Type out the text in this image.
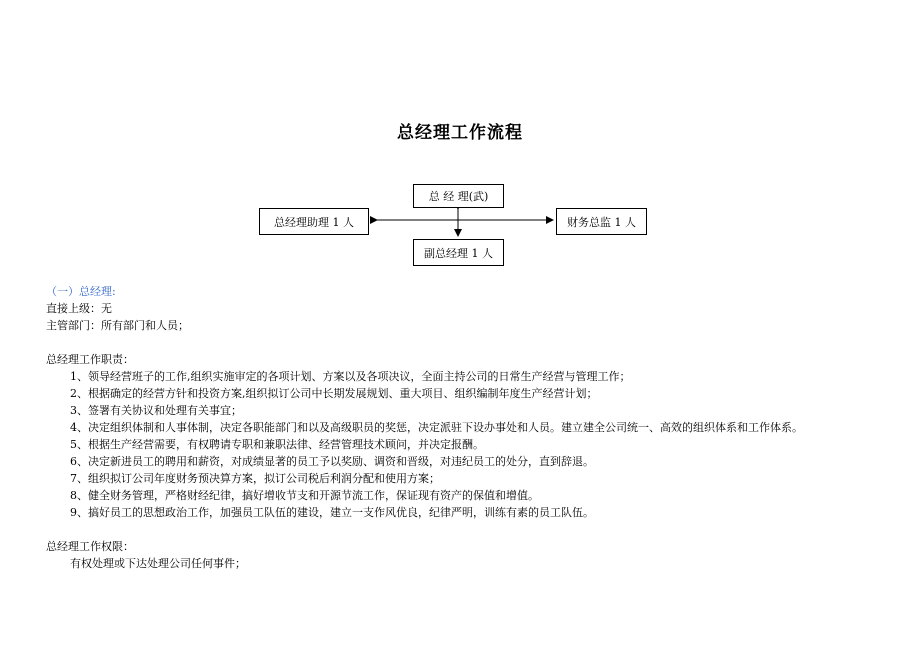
总经理工作流程
总 经 理(武)
总经理助理 1 人	财务总监 1 人
副总经理 1 人
（一）总经理:
直接上级：无
主管部门：所有部门和人员；
总经理工作职责：
1、领导经营班子的工作,组织实施审定的各项计划、方案以及各项决议，全面主持公司的日常生产经营与管理工作；
2、根据确定的经营方针和投资方案,组织拟订公司中长期发展规划、重大项目、组织编制年度生产经营计划；
3、签署有关协议和处理有关事宜；
4、决定组织体制和人事体制，决定各职能部门和以及高级职员的奖惩，决定派驻下设办事处和人员。建立建全公司统一、高效的组织体系和工作体系。
5、根据生产经营需要，有权聘请专职和兼职法律、经营管理技术顾问，并决定报酬。
6、决定新进员工的聘用和薪资，对成绩显著的员工予以奖励、调资和晋级，对违纪员工的处分，直到辞退。
7、组织拟订公司年度财务预决算方案，拟订公司税后利润分配和使用方案；
8、健全财务管理，严格财经纪律，搞好增收节支和开源节流工作，保证现有资产的保值和增值。
9、搞好员工的思想政治工作，加强员工队伍的建设，建立一支作风优良，纪律严明，训练有素的员工队伍。
总经理工作权限：
有权处理或下达处理公司任何事件；
